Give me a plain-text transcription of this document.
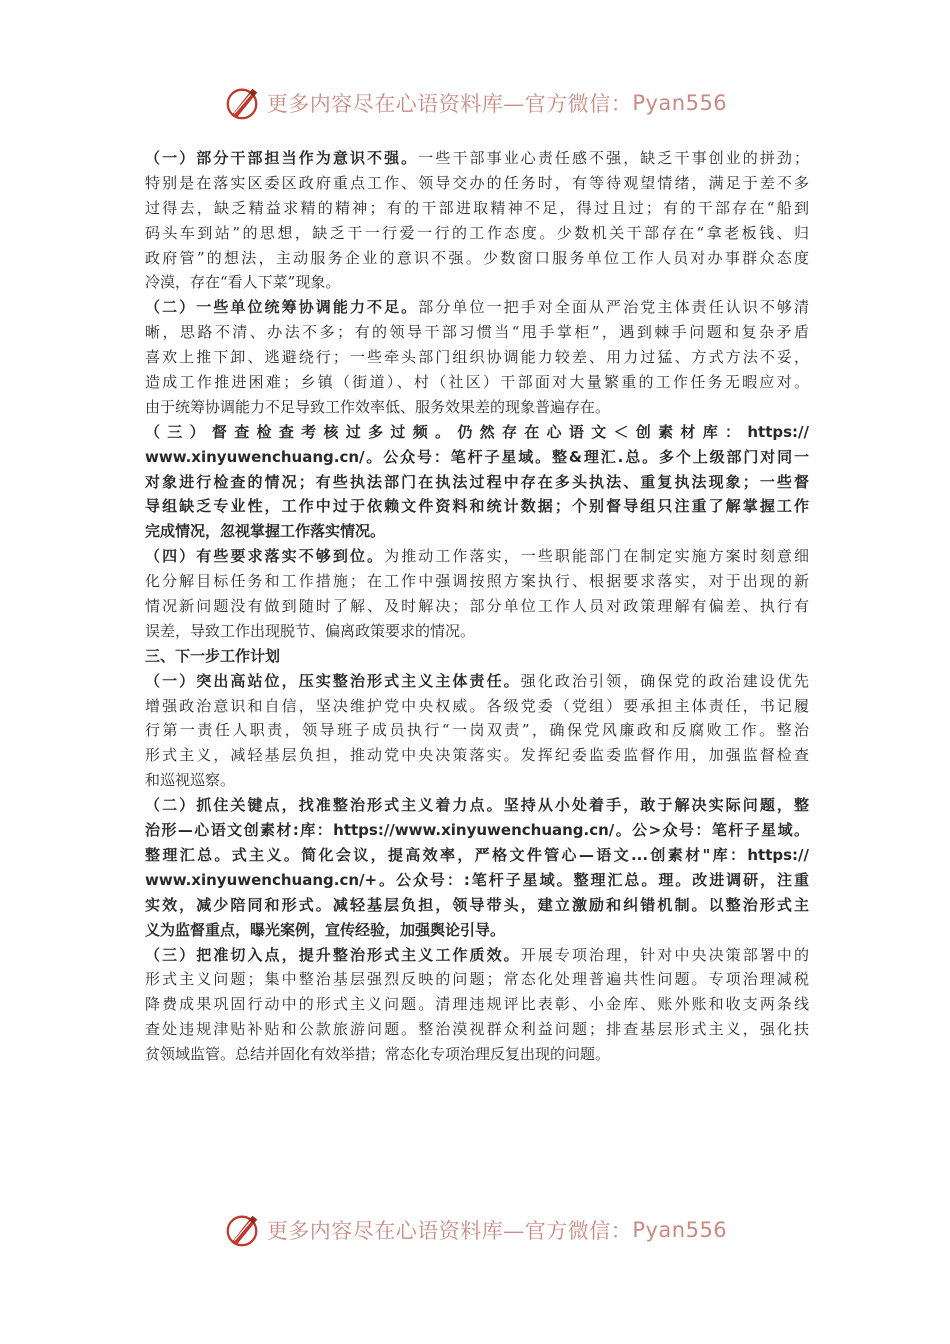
更多内容尽在心语资料库—官方微信： Pyan556
（一）部分干部担当作为意识不强。一些干部事业心责任感不强，缺乏干事创业的拼劲；
特别是在落实区委区政府重点工作、领导交办的任务时，有等待观望情绪，满足于差不多
过得去，缺乏精益求精的精神；有的干部进取精神不足，得过且过；有的干部存在“船到
码头车到站”的思想，缺乏干一行爱一行的工作态度。少数机关干部存在“拿老板钱、归
政府管”的想法，主动服务企业的意识不强。少数窗口服务单位工作人员对办事群众态度
冷漠，存在“看人下菜”现象。
（二）一些单位统筹协调能力不足。部分单位一把手对全面从严治党主体责任认识不够清
晰，思路不清、办法不多；有的领导干部习惯当“甩手掌柜”，遇到棘手问题和复杂矛盾
喜欢上推下卸、逃避绕行；一些牵头部门组织协调能力较差、用力过猛、方式方法不妥，
造成工作推进困难；乡镇（街道）、村（社区）干部面对大量繁重的工作任务无暇应对。
由于统筹协调能力不足导致工作效率低、服务效果差的现象普遍存在。
（三）督查检查考核过多过频。仍然存在心语文＜创素材库：https://
www.xinyuwenchuang.cn/。公众号：笔杆子星域。整&理汇.总。多个上级部门对同一
对象进行检查的情况；有些执法部门在执法过程中存在多头执法、重复执法现象；一些督
导组缺乏专业性，工作中过于依赖文件资料和统计数据；个别督导组只注重了解掌握工作
完成情况，忽视掌握工作落实情况。
（四）有些要求落实不够到位。为推动工作落实，一些职能部门在制定实施方案时刻意细
化分解目标任务和工作措施；在工作中强调按照方案执行、根据要求落实，对于出现的新
情况新问题没有做到随时了解、及时解决；部分单位工作人员对政策理解有偏差、执行有
误差，导致工作出现脱节、偏离政策要求的情况。
三、下一步工作计划
（一）突出高站位，压实整治形式主义主体责任。强化政治引领，确保党的政治建设优先
增强政治意识和自信，坚决维护党中央权威。各级党委（党组）要承担主体责任，书记履
行第一责任人职责，领导班子成员执行“一岗双责”，确保党风廉政和反腐败工作。整治
形式主义，减轻基层负担，推动党中央决策落实。发挥纪委监委监督作用，加强监督检查
和巡视巡察。
（二）抓住关键点，找准整治形式主义着力点。坚持从小处着手，敢于解决实际问题，整
治形—心语文创素材:库：https://www.xinyuwenchuang.cn/。公>众号：笔杆子星域。
整理汇总。式主义。简化会议，提高效率，严格文件管心—语文...创素材"库：https://
www.xinyuwenchuang.cn/+。公众号：:笔杆子星域。整理汇总。理。改进调研，注重
实效，减少陪同和形式。减轻基层负担，领导带头，建立激励和纠错机制。以整治形式主
义为监督重点，曝光案例，宣传经验，加强舆论引导。
（三）把准切入点，提升整治形式主义工作质效。开展专项治理，针对中央决策部署中的
形式主义问题；集中整治基层强烈反映的问题；常态化处理普遍共性问题。专项治理减税
降费成果巩固行动中的形式主义问题。清理违规评比表彰、小金库、账外账和收支两条线
查处违规津贴补贴和公款旅游问题。整治漠视群众利益问题；排查基层形式主义，强化扶
贫领域监管。总结并固化有效举措；常态化专项治理反复出现的问题。
更多内容尽在心语资料库—官方微信： Pyan556
